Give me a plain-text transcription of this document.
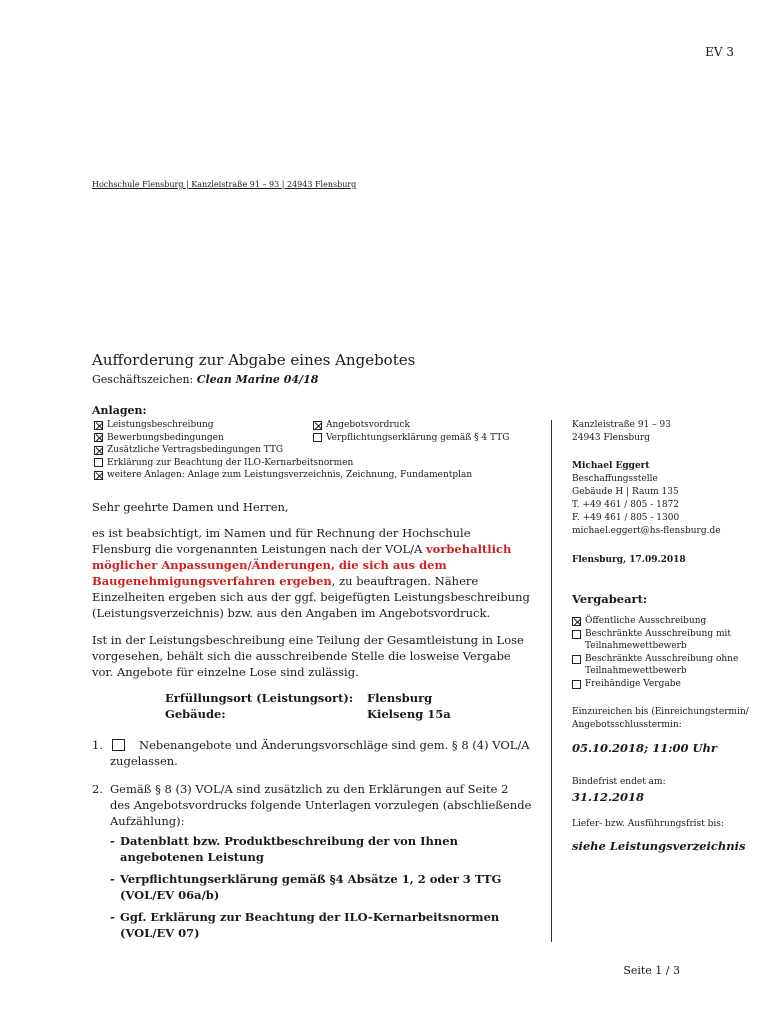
EV 3
Hochschule Flensburg | Kanzleistraße 91 – 93 | 24943 Flensburg
Aufforderung zur Abgabe eines Angebotes
Geschäftszeichen: Clean Marine 04/18
Anlagen:
Leistungsbeschreibung
Bewerbungsbedingungen
Angebotsvordruck
Verpflichtungserklärung gemäß § 4 TTG
Zusätzliche Vertragsbedingungen TTG
Erklärung zur Beachtung der ILO-Kernarbeitsnormen
weitere Anlagen: Anlage zum Leistungsverzeichnis, Zeichnung, Fundamentplan
Sehr geehrte Damen und Herren,
es ist beabsichtigt, im Namen und für Rechnung der Hochschule Flensburg die vorgenannten Leistungen nach der VOL/A vorbehaltlich möglicher Anpassungen/Änderungen, die sich aus dem Baugenehmigungsverfahren ergeben, zu beauftragen. Nähere Einzelheiten ergeben sich aus der ggf. beigefügten Leistungsbeschreibung (Leistungsverzeichnis) bzw. aus den Angaben im Angebotsvordruck.
Ist in der Leistungsbeschreibung eine Teilung der Gesamtleistung in Lose vorgesehen, behält sich die ausschreibende Stelle die losweise Vergabe vor. Angebote für einzelne Lose sind zulässig.
Erfüllungsort (Leistungsort): Flensburg
Gebäude:	Kielseng 15a
1.	Nebenangebote und Änderungsvorschläge sind gem. § 8 (4) VOL/A zugelassen.
2. Gemäß § 8 (3) VOL/A sind zusätzlich zu den Erklärungen auf Seite 2 des Angebotsvordrucks folgende Unterlagen vorzulegen (abschließende Aufzählung):
- Datenblatt bzw. Produktbeschreibung der von Ihnen angebotenen Leistung
- Verpflichtungserklärung gemäß §4 Absätze 1, 2 oder 3 TTG (VOL/EV 06a/b)
- Ggf. Erklärung zur Beachtung der ILO-Kernarbeitsnormen (VOL/EV 07)
Kanzleistraße 91 – 93
24943 Flensburg
Michael Eggert
Beschaffungsstelle
Gebäude H | Raum 135
T. +49 461 / 805 - 1872
F. +49 461 / 805 - 1300
michael.eggert@hs-flensburg.de
Flensburg, 17.09.2018
Vergabeart:
Öffentliche Ausschreibung
Beschränkte Ausschreibung mit Teilnahmewettbewerb
Beschränkte Ausschreibung ohne Teilnahmewettbewerb
Freihändige Vergabe
Einzureichen bis (Einreichungstermin/ Angebotsschlusstermin:
05.10.2018; 11:00 Uhr
Bindefrist endet am:
31.12.2018
Liefer- bzw. Ausführungsfrist bis:
siehe Leistungsverzeichnis
Seite 1 / 3
